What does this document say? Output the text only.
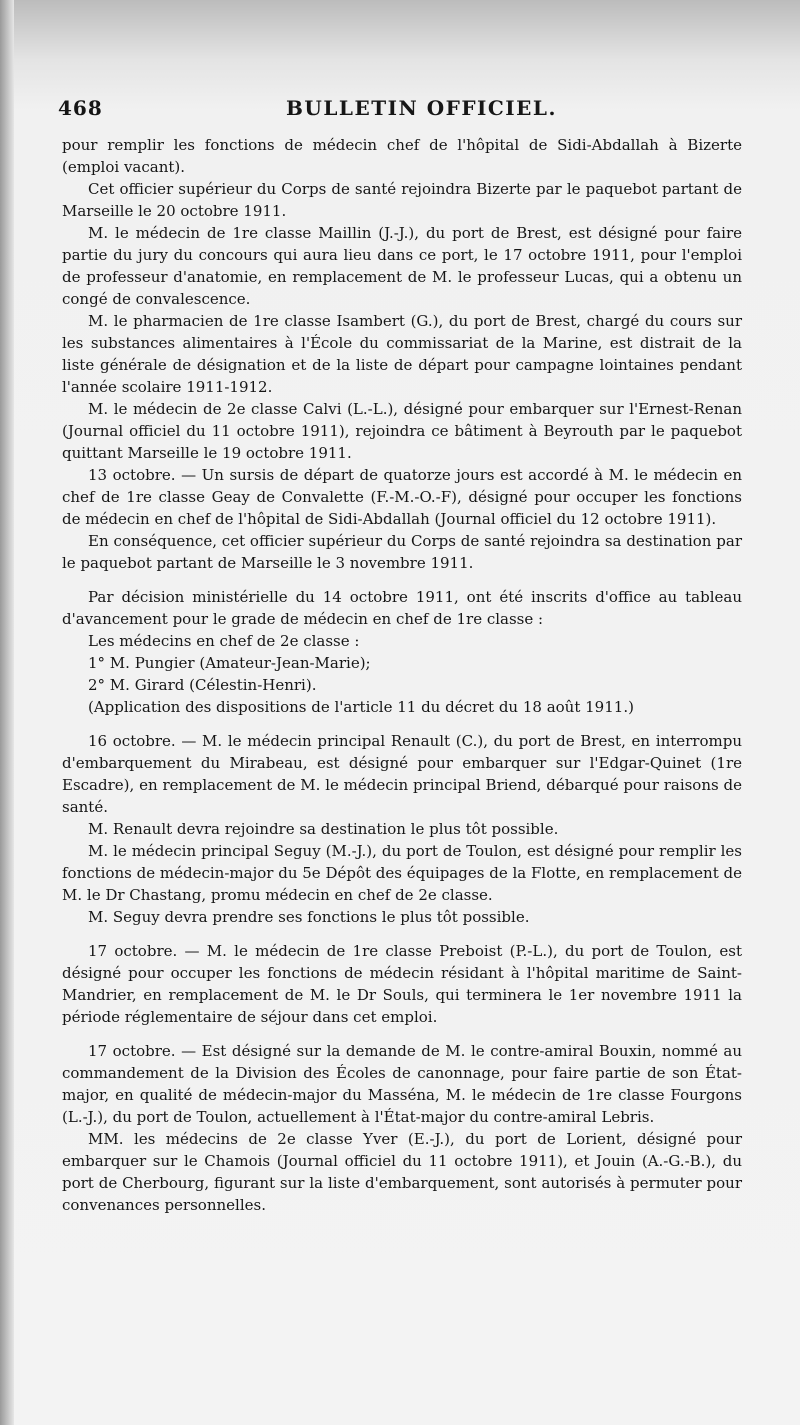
468	BULLETIN OFFICIEL.

pour remplir les fonctions de médecin chef de l'hôpital de Sidi-Abdallah à Bizerte (emploi vacant).

Cet officier supérieur du Corps de santé rejoindra Bizerte par le paquebot partant de Marseille le 20 octobre 1911.

M. le médecin de 1re classe Maillin (J.-J.), du port de Brest, est désigné pour faire partie du jury du concours qui aura lieu dans ce port, le 17 octobre 1911, pour l'emploi de professeur d'anatomie, en remplacement de M. le professeur Lucas, qui a obtenu un congé de convalescence.

M. le pharmacien de 1re classe Isambert (G.), du port de Brest, chargé du cours sur les substances alimentaires à l'École du commissariat de la Marine, est distrait de la liste générale de désignation et de la liste de départ pour campagne lointaines pendant l'année scolaire 1911-1912.

M. le médecin de 2e classe Calvi (L.-L.), désigné pour embarquer sur l'Ernest-Renan (Journal officiel du 11 octobre 1911), rejoindra ce bâtiment à Beyrouth par le paquebot quittant Marseille le 19 octobre 1911.

13 octobre. — Un sursis de départ de quatorze jours est accordé à M. le médecin en chef de 1re classe Geay de Convalette (F.-M.-O.-F), désigné pour occuper les fonctions de médecin en chef de l'hôpital de Sidi-Abdallah (Journal officiel du 12 octobre 1911).

En conséquence, cet officier supérieur du Corps de santé rejoindra sa destination par le paquebot partant de Marseille le 3 novembre 1911.

Par décision ministérielle du 14 octobre 1911, ont été inscrits d'office au tableau d'avancement pour le grade de médecin en chef de 1re classe :

Les médecins en chef de 2e classe :

1° M. Pungier (Amateur-Jean-Marie);

2° M. Girard (Célestin-Henri).

(Application des dispositions de l'article 11 du décret du 18 août 1911.)

16 octobre. — M. le médecin principal Renault (C.), du port de Brest, en interrompu d'embarquement du Mirabeau, est désigné pour embarquer sur l'Edgar-Quinet (1re Escadre), en remplacement de M. le médecin principal Briend, débarqué pour raisons de santé.

M. Renault devra rejoindre sa destination le plus tôt possible.

M. le médecin principal Seguy (M.-J.), du port de Toulon, est désigné pour remplir les fonctions de médecin-major du 5e Dépôt des équipages de la Flotte, en remplacement de M. le Dr Chastang, promu médecin en chef de 2e classe.

M. Seguy devra prendre ses fonctions le plus tôt possible.

17 octobre. — M. le médecin de 1re classe Preboist (P.-L.), du port de Toulon, est désigné pour occuper les fonctions de médecin résidant à l'hôpital maritime de Saint-Mandrier, en remplacement de M. le Dr Souls, qui terminera le 1er novembre 1911 la période réglementaire de séjour dans cet emploi.

17 octobre. — Est désigné sur la demande de M. le contre-amiral Bouxin, nommé au commandement de la Division des Écoles de canonnage, pour faire partie de son État-major, en qualité de médecin-major du Masséna, M. le médecin de 1re classe Fourgons (L.-J.), du port de Toulon, actuellement à l'État-major du contre-amiral Lebris.

MM. les médecins de 2e classe Yver (E.-J.), du port de Lorient, désigné pour embarquer sur le Chamois (Journal officiel du 11 octobre 1911), et Jouin (A.-G.-B.), du port de Cherbourg, figurant sur la liste d'embarquement, sont autorisés à permuter pour convenances personnelles.
